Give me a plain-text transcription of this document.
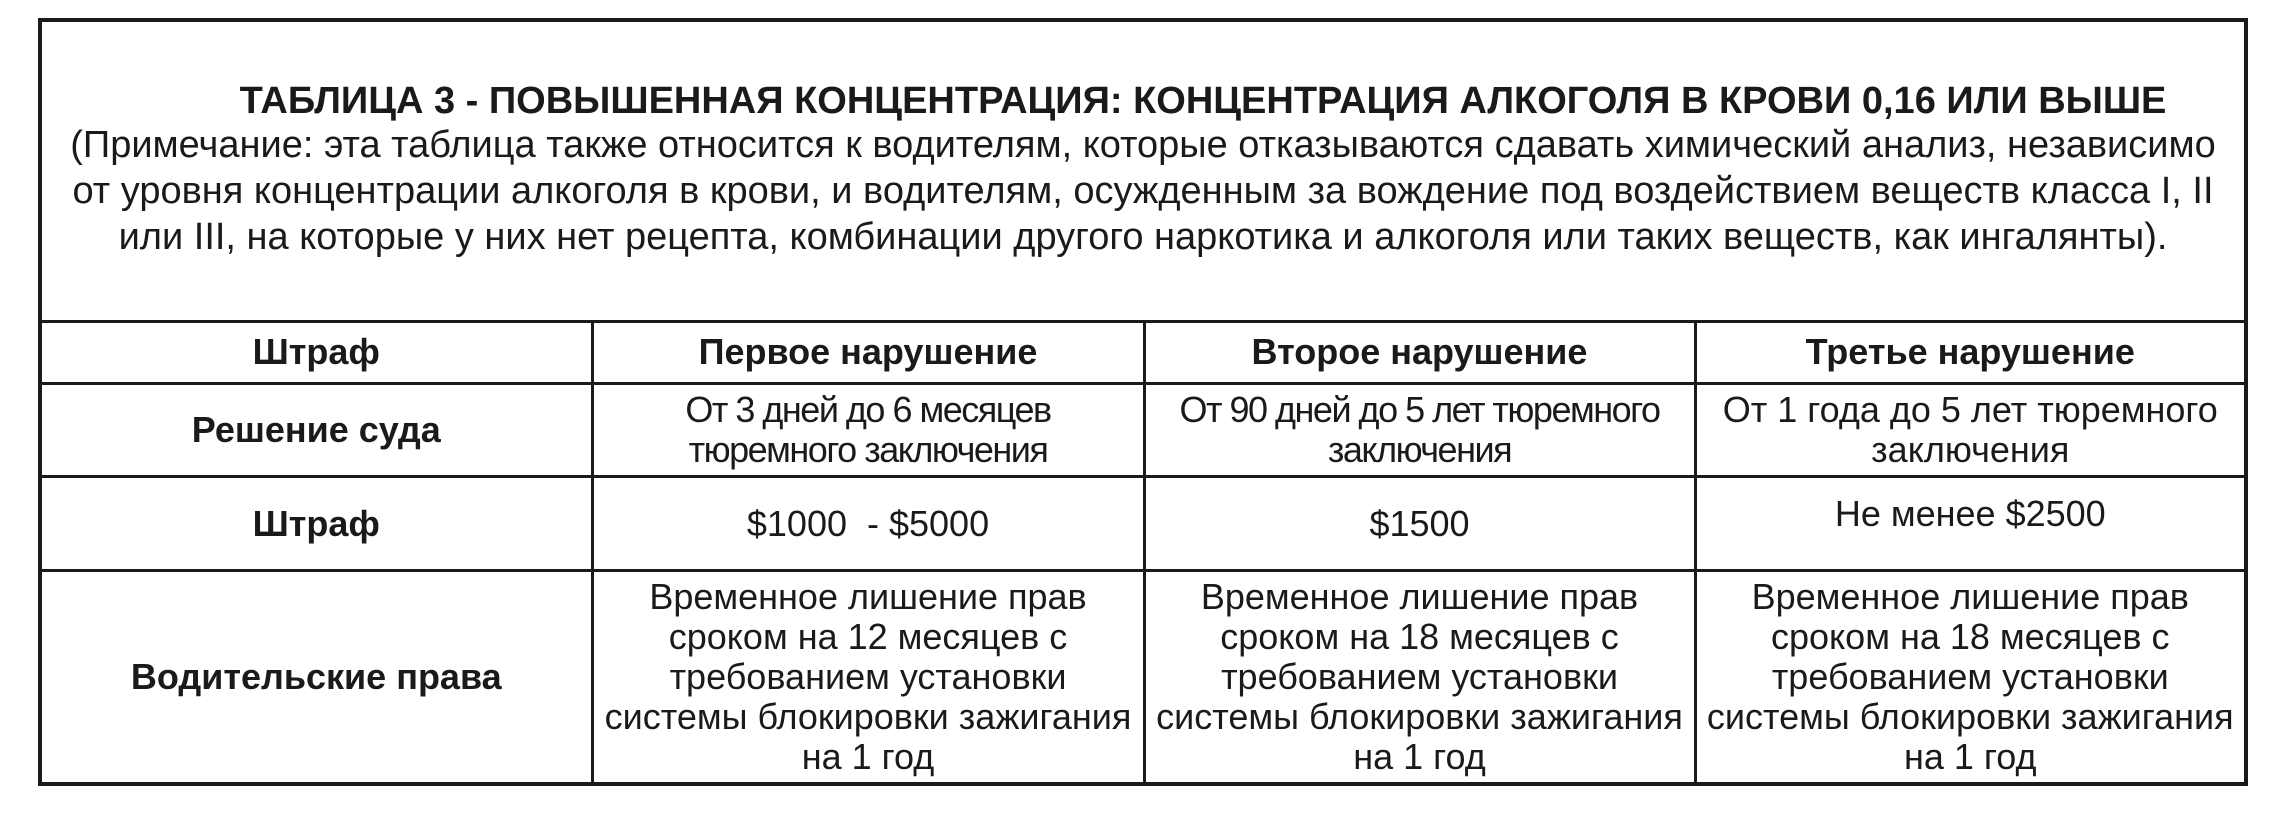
ТАБЛИЦА 3 - ПОВЫШЕННАЯ КОНЦЕНТРАЦИЯ: КОНЦЕНТРАЦИЯ АЛКОГОЛЯ В КРОВИ 0,16 ИЛИ ВЫШЕ
(Примечание: эта таблица также относится к водителям, которые отказываются сдавать химический анализ, независимо от уровня концентрации алкоголя в крови, и водителям, осужденным за вождение под воздействием веществ класса I, II или III, на которые у них нет рецепта, комбинации другого наркотика и алкоголя или таких веществ, как ингалянты).			

Штраф	Первое нарушение	Второе нарушение	Третье нарушение
Решение суда	От 3 дней до 6 месяцев тюремного заключения	От 90 дней до 5 лет тюремного заключения	От 1 года до 5 лет тюремного заключения
Штраф	$1000  - $5000	$1500	Не менее $2500
Водительские права	Временное лишение прав сроком на 12 месяцев с требованием установки системы блокировки зажигания на 1 год	Временное лишение прав сроком на 18 месяцев с требованием установки системы блокировки зажигания на 1 год	Временное лишение прав сроком на 18 месяцев с требованием установки системы блокировки зажигания на 1 год
